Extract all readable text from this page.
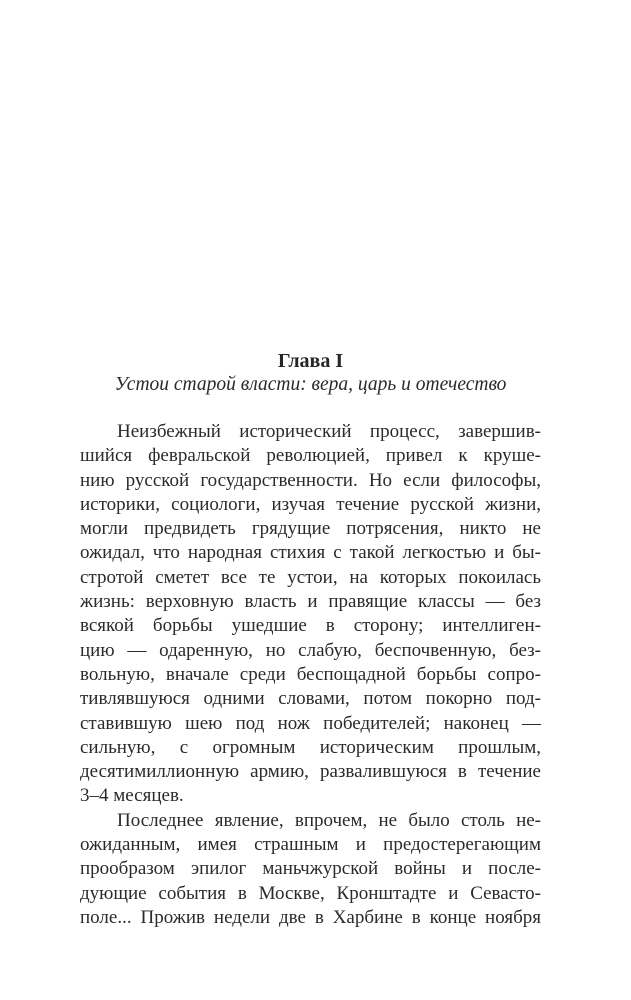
Глава I

Устои старой власти: вера, царь и отечество

Неизбежный исторический процесс, завершив-
шийся февральской революцией, привел к круше-
нию русской государственности. Но если философы,
историки, социологи, изучая течение русской жизни,
могли предвидеть грядущие потрясения, никто не
ожидал, что народная стихия с такой легкостью и бы-
стротой сметет все те устои, на которых покоилась
жизнь: верховную власть и правящие классы — без
всякой борьбы ушедшие в сторону; интеллиген-
цию — одаренную, но слабую, беспочвенную, без-
вольную, вначале среди беспощадной борьбы сопро-
тивлявшуюся одними словами, потом покорно под-
ставившую шею под нож победителей; наконец —
сильную, с огромным историческим прошлым,
десятимиллионную армию, развалившуюся в течение
3–4 месяцев.
Последнее явление, впрочем, не было столь не-
ожиданным, имея страшным и предостерегающим
прообразом эпилог маньчжурской войны и после-
дующие события в Москве, Кронштадте и Севасто-
поле... Прожив недели две в Харбине в конце ноября
